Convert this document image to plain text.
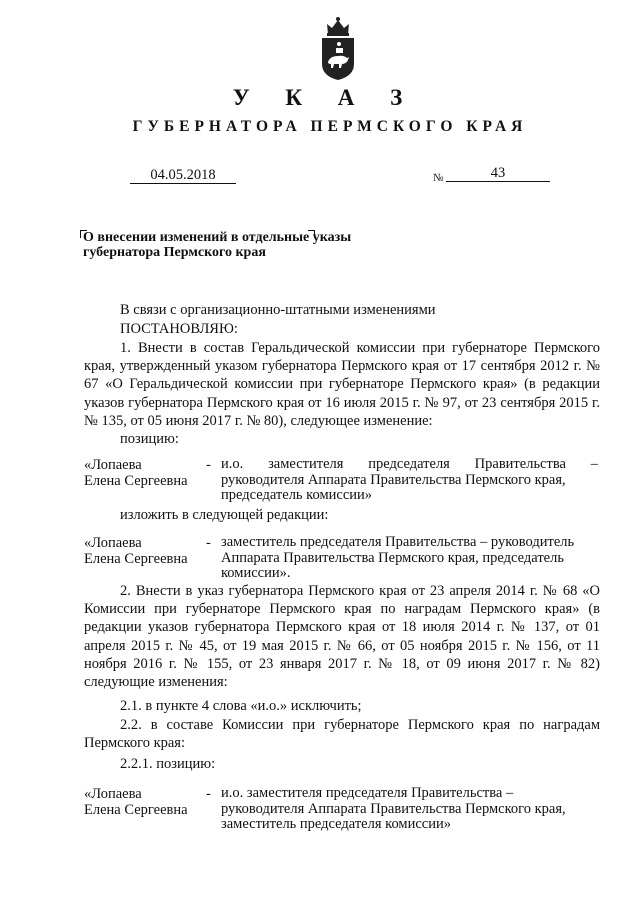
У К А З
ГУБЕРНАТОРА ПЕРМСКОГО КРАЯ
04.05.2018	№	43
О внесении изменений в отдельные указы
губернатора Пермского края
В связи с организационно-штатными изменениями
ПОСТАНОВЛЯЮ:
1. Внести в состав Геральдической комиссии при губернаторе Пермского края, утвержденный указом губернатора Пермского края от 17 сентября 2012 г. № 67 «О Геральдической комиссии при губернаторе Пермского края» (в редакции указов губернатора Пермского края от 16 июля 2015 г. № 97, от 23 сентября 2015 г. № 135, от 05 июня 2017 г. № 80), следующее изменение:
позицию:
«Лопаева
Елена Сергеевна
- и.о. заместителя председателя Правительства –
руководителя Аппарата Правительства Пермского края,
председатель комиссии»
изложить в следующей редакции:
«Лопаева
Елена Сергеевна
- заместитель председателя Правительства – руководитель
Аппарата Правительства Пермского края, председатель
комиссии».
2. Внести в указ губернатора Пермского края от 23 апреля 2014 г. № 68 «О Комиссии при губернаторе Пермского края по наградам Пермского края» (в редакции указов губернатора Пермского края от 18 июля 2014 г. № 137, от 01 апреля 2015 г. № 45, от 19 мая 2015 г. № 66, от 05 ноября 2015 г. № 156, от 11 ноября 2016 г. № 155, от 23 января 2017 г. № 18, от 09 июня 2017 г. № 82) следующие изменения:
2.1. в пункте 4 слова «и.о.» исключить;
2.2. в составе Комиссии при губернаторе Пермского края по наградам Пермского края:
2.2.1. позицию:
«Лопаева
Елена Сергеевна
- и.о. заместителя председателя Правительства –
руководителя Аппарата Правительства Пермского края,
заместитель председателя комиссии»
